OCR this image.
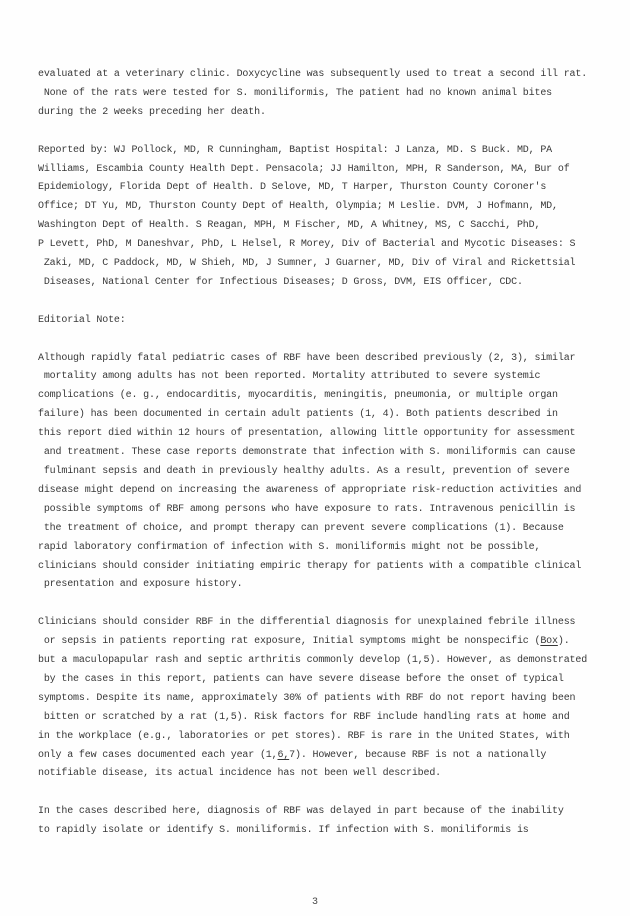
evaluated at a veterinary clinic. Doxycycline was subsequently used to treat a second ill rat.
None of the rats were tested for S. moniliformis, The patient had no known animal bites
during the 2 weeks preceding her death.
Reported by: WJ Pollock, MD, R Cunningham, Baptist Hospital: J Lanza, MD. S Buck. MD, PA
Williams, Escambia County Health Dept. Pensacola; JJ Hamilton, MPH, R Sanderson, MA, Bur of
Epidemiology, Florida Dept of Health. D Selove, MD, T Harper, Thurston County Coroner's
Office; DT Yu, MD, Thurston County Dept of Health, Olympia; M Leslie. DVM, J Hofmann, MD,
Washington Dept of Health. S Reagan, MPH, M Fischer, MD, A Whitney, MS, C Sacchi, PhD,
P Levett, PhD, M Daneshvar, PhD, L Helsel, R Morey, Div of Bacterial and Mycotic Diseases: S
Zaki, MD, C Paddock, MD, W Shieh, MD, J Sumner, J Guarner, MD, Div of Viral and Rickettsial
Diseases, National Center for Infectious Diseases; D Gross, DVM, EIS Officer, CDC.
Editorial Note:
Although rapidly fatal pediatric cases of RBF have been described previously (2, 3), similar
mortality among adults has not been reported. Mortality attributed to severe systemic
complications (e. g., endocarditis, myocarditis, meningitis, pneumonia, or multiple organ
failure) has been documented in certain adult patients (1, 4). Both patients described in
this report died within 12 hours of presentation, allowing little opportunity for assessment
and treatment. These case reports demonstrate that infection with S. moniliformis can cause
fulminant sepsis and death in previously healthy adults. As a result, prevention of severe
disease might depend on increasing the awareness of appropriate risk-reduction activities and
possible symptoms of RBF among persons who have exposure to rats. Intravenous penicillin is
the treatment of choice, and prompt therapy can prevent severe complications (1). Because
rapid laboratory confirmation of infection with S. moniliformis might not be possible,
clinicians should consider initiating empiric therapy for patients with a compatible clinical
presentation and exposure history.
Clinicians should consider RBF in the differential diagnosis for unexplained febrile illness
or sepsis in patients reporting rat exposure, Initial symptoms might be nonspecific (Box).
but a maculopapular rash and septic arthritis commonly develop (1,5). However, as demonstrated
by the cases in this report, patients can have severe disease before the onset of typical
symptoms. Despite its name, approximately 30% of patients with RBF do not report having been
bitten or scratched by a rat (1,5). Risk factors for RBF include handling rats at home and
in the workplace (e.g., laboratories or pet stores). RBF is rare in the United States, with
only a few cases documented each year (1,6,7). However, because RBF is not a nationally
notifiable disease, its actual incidence has not been well described.
In the cases described here, diagnosis of RBF was delayed in part because of the inability
to rapidly isolate or identify S. moniliformis. If infection with S. moniliformis is
3
